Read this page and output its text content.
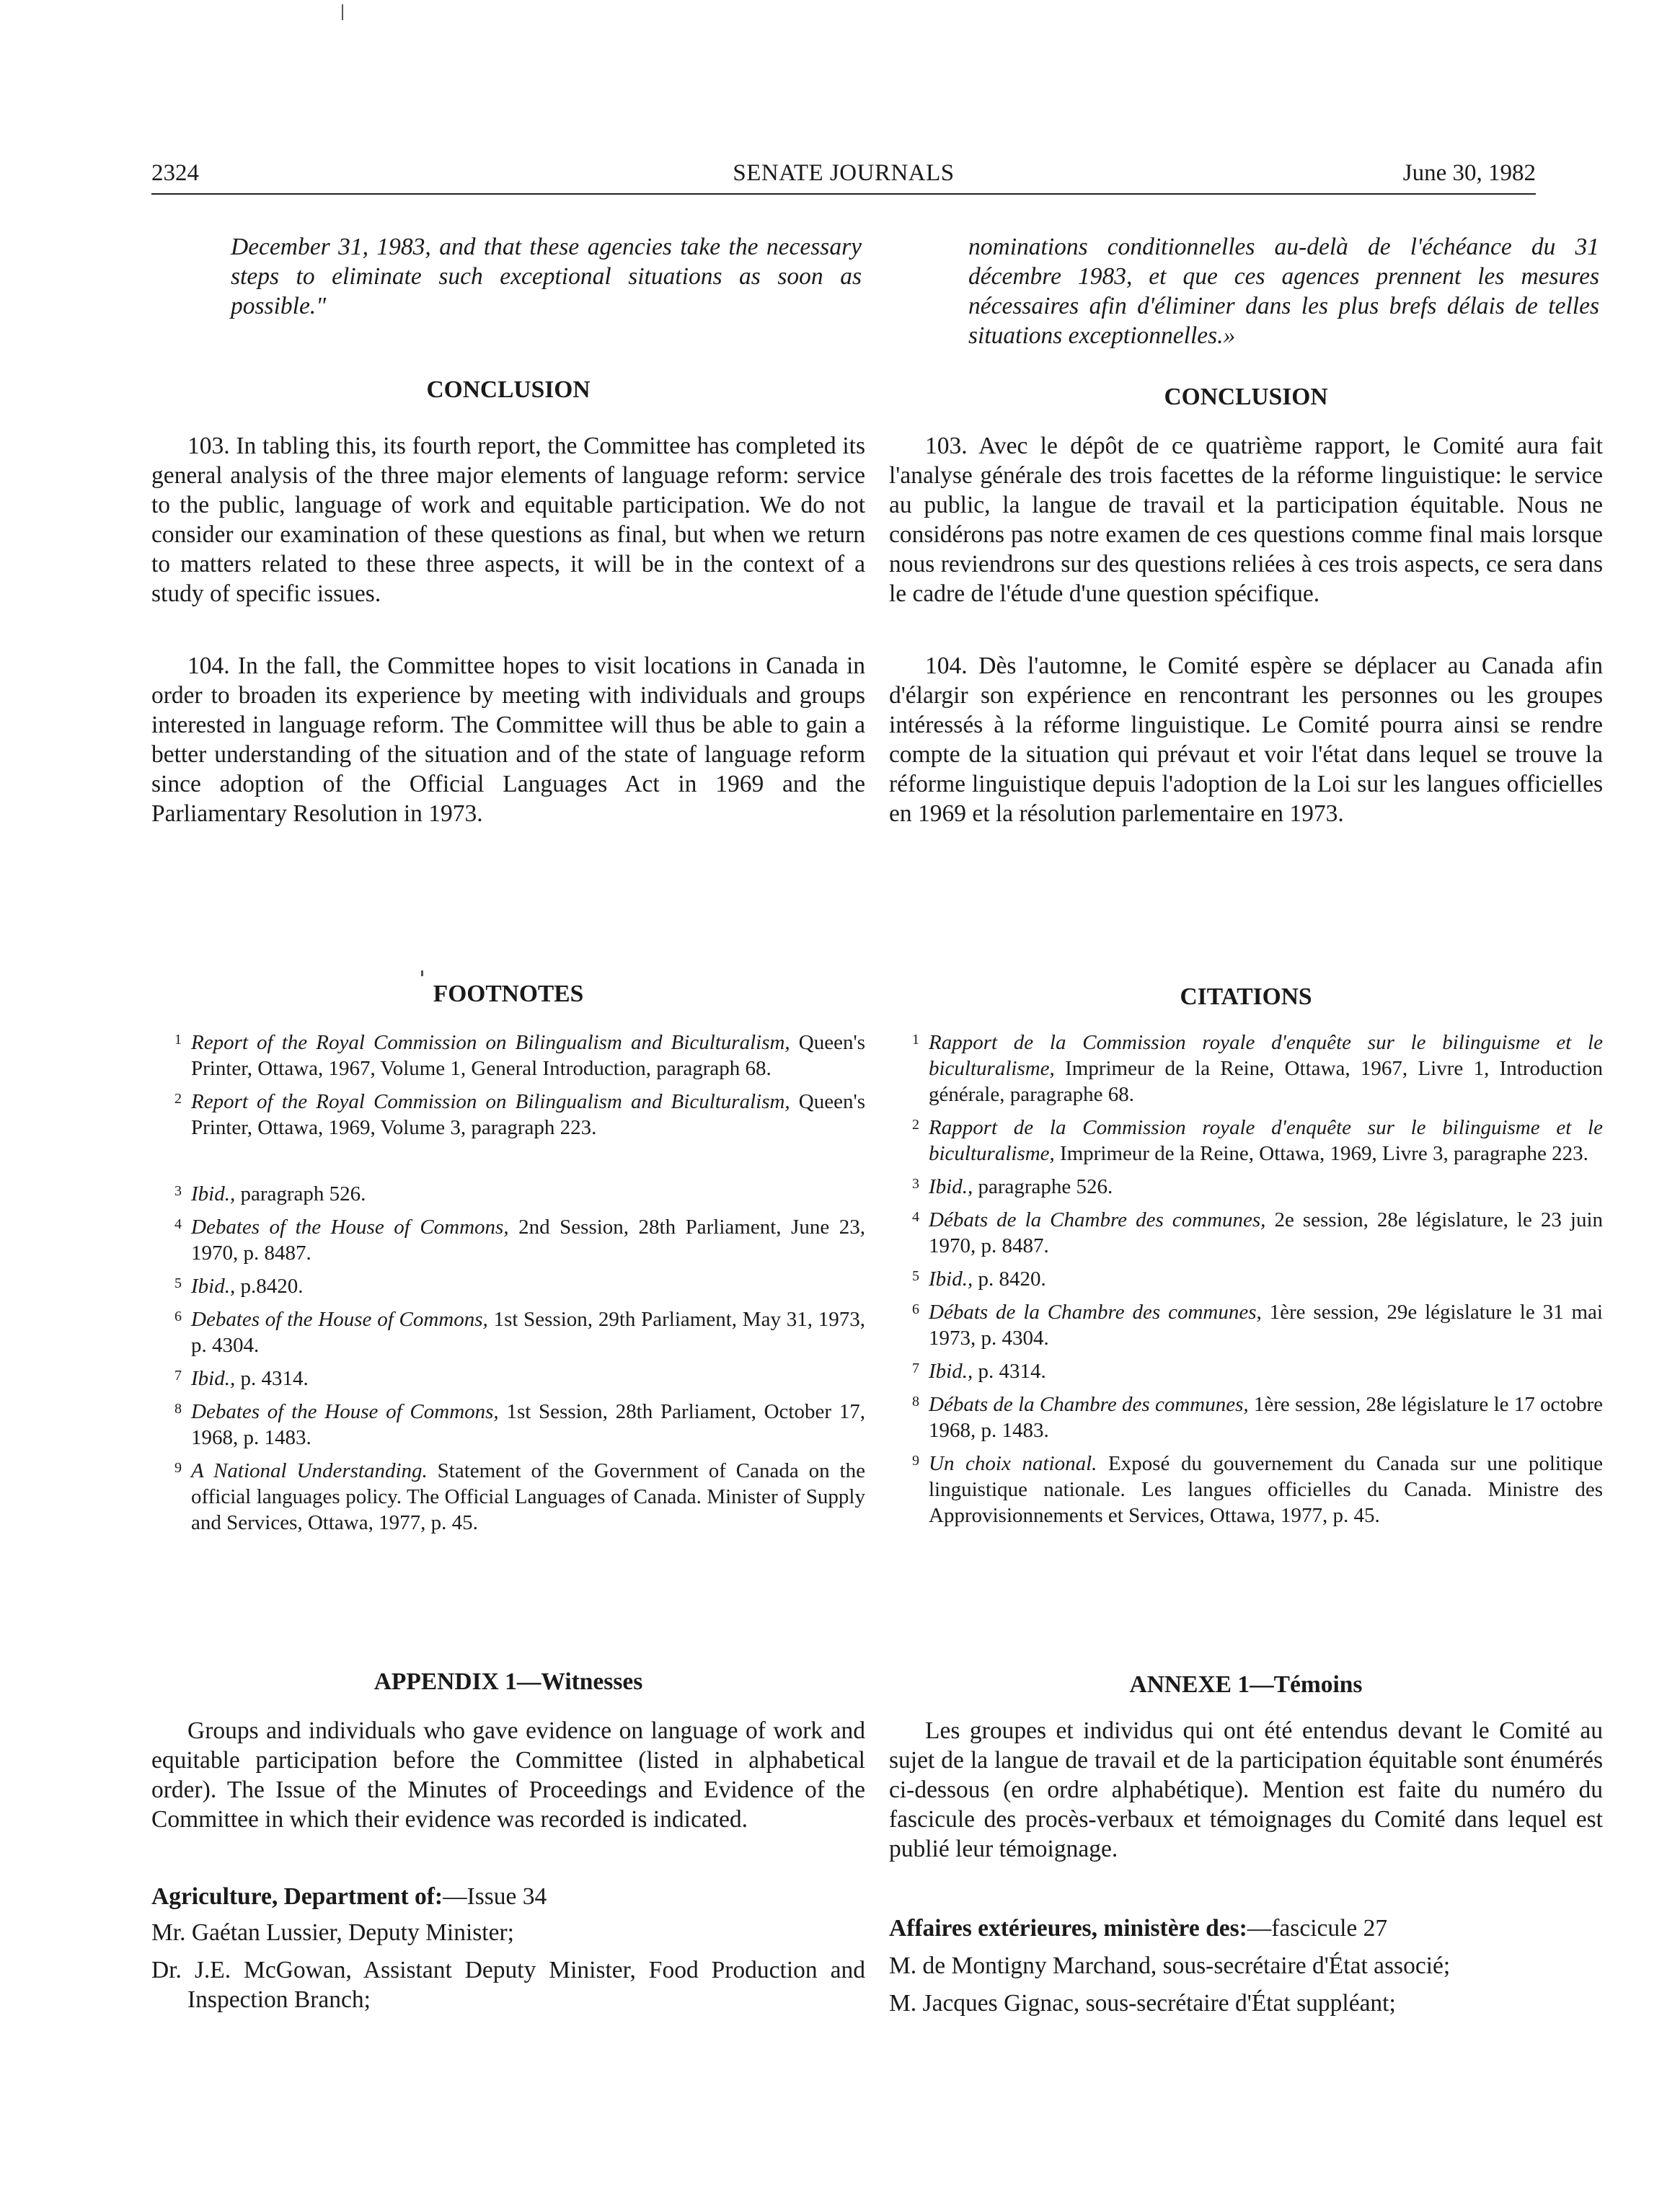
2324	SENATE JOURNALS	June 30, 1982

December 31, 1983, and that these agencies take the necessary steps to eliminate such exceptional situations as soon as possible."

CONCLUSION

103. In tabling this, its fourth report, the Committee has completed its general analysis of the three major elements of language reform: service to the public, language of work and equitable participation. We do not consider our examination of these questions as final, but when we return to matters related to these three aspects, it will be in the context of a study of specific issues.

104. In the fall, the Committee hopes to visit locations in Canada in order to broaden its experience by meeting with individuals and groups interested in language reform. The Committee will thus be able to gain a better understanding of the situation and of the state of language reform since adoption of the Official Languages Act in 1969 and the Parliamentary Resolution in 1973.

FOOTNOTES

1 Report of the Royal Commission on Bilingualism and Biculturalism, Queen's Printer, Ottawa, 1967, Volume 1, General Introduction, paragraph 68.

2 Report of the Royal Commission on Bilingualism and Biculturalism, Queen's Printer, Ottawa, 1969, Volume 3, paragraph 223.

3 Ibid., paragraph 526.

4 Debates of the House of Commons, 2nd Session, 28th Parliament, June 23, 1970, p. 8487.

5 Ibid., p.8420.

6 Debates of the House of Commons, 1st Session, 29th Parliament, May 31, 1973, p. 4304.

7 Ibid., p. 4314.

8 Debates of the House of Commons, 1st Session, 28th Parliament, October 17, 1968, p. 1483.

9 A National Understanding. Statement of the Government of Canada on the official languages policy. The Official Languages of Canada. Minister of Supply and Services, Ottawa, 1977, p. 45.

APPENDIX 1—Witnesses

Groups and individuals who gave evidence on language of work and equitable participation before the Committee (listed in alphabetical order). The Issue of the Minutes of Proceedings and Evidence of the Committee in which their evidence was recorded is indicated.

Agriculture, Department of:—Issue 34

Mr. Gaétan Lussier, Deputy Minister;

Dr. J.E. McGowan, Assistant Deputy Minister, Food Production and Inspection Branch;

nominations conditionnelles au-delà de l'échéance du 31 décembre 1983, et que ces agences prennent les mesures nécessaires afin d'éliminer dans les plus brefs délais de telles situations exceptionnelles.»

CONCLUSION

103. Avec le dépôt de ce quatrième rapport, le Comité aura fait l'analyse générale des trois facettes de la réforme linguistique: le service au public, la langue de travail et la participation équitable. Nous ne considérons pas notre examen de ces questions comme final mais lorsque nous reviendrons sur des questions reliées à ces trois aspects, ce sera dans le cadre de l'étude d'une question spécifique.

104. Dès l'automne, le Comité espère se déplacer au Canada afin d'élargir son expérience en rencontrant les personnes ou les groupes intéressés à la réforme linguistique. Le Comité pourra ainsi se rendre compte de la situation qui prévaut et voir l'état dans lequel se trouve la réforme linguistique depuis l'adoption de la Loi sur les langues officielles en 1969 et la résolution parlementaire en 1973.

CITATIONS

1 Rapport de la Commission royale d'enquête sur le bilinguisme et le biculturalisme, Imprimeur de la Reine, Ottawa, 1967, Livre 1, Introduction générale, paragraphe 68.

2 Rapport de la Commission royale d'enquête sur le bilinguisme et le biculturalisme, Imprimeur de la Reine, Ottawa, 1969, Livre 3, paragraphe 223.

3 Ibid., paragraphe 526.

4 Débats de la Chambre des communes, 2e session, 28e législature, le 23 juin 1970, p. 8487.

5 Ibid., p. 8420.

6 Débats de la Chambre des communes, 1ère session, 29e législature le 31 mai 1973, p. 4304.

7 Ibid., p. 4314.

8 Débats de la Chambre des communes, 1ère session, 28e législature le 17 octobre 1968, p. 1483.

9 Un choix national. Exposé du gouvernement du Canada sur une politique linguistique nationale. Les langues officielles du Canada. Ministre des Approvisionnements et Services, Ottawa, 1977, p. 45.

ANNEXE 1—Témoins

Les groupes et individus qui ont été entendus devant le Comité au sujet de la langue de travail et de la participation équitable sont énumérés ci-dessous (en ordre alphabétique). Mention est faite du numéro du fascicule des procès-verbaux et témoignages du Comité dans lequel est publié leur témoignage.

Affaires extérieures, ministère des:—fascicule 27

M. de Montigny Marchand, sous-secrétaire d'État associé;

M. Jacques Gignac, sous-secrétaire d'État suppléant;
